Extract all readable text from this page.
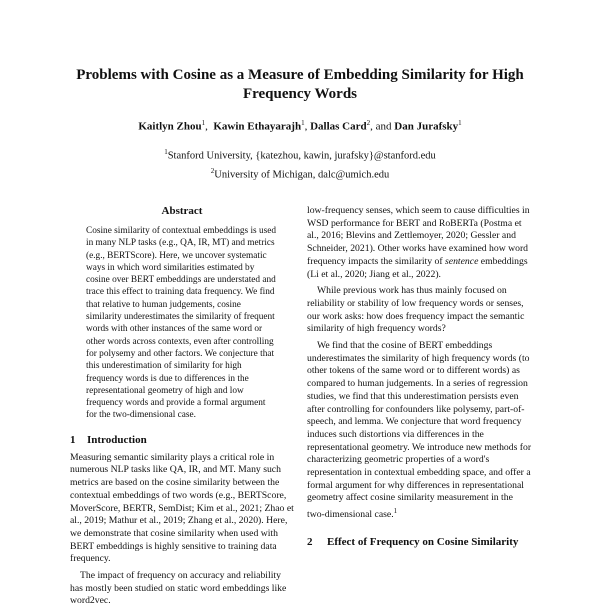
Problems with Cosine as a Measure of Embedding Similarity for High Frequency Words
Kaitlyn Zhou$^1$, Kawin Ethayarajh$^1$, Dallas Card$^2$, and Dan Jurafsky$^1$
$^1$Stanford University, {katezhou, kawin, jurafsky}@stanford.edu
$^2$University of Michigan, dalc@umich.edu
Abstract

Cosine similarity of contextual embeddings is used in many NLP tasks (e.g., QA, IR, MT) and metrics (e.g., BERTScore). Here, we uncover systematic ways in which word similarities estimated by cosine over BERT embeddings are understated and trace this effect to training data frequency. We find that relative to human judgements, cosine similarity underestimates the similarity of frequent words with other instances of the same word or other words across contexts, even after controlling for polysemy and other factors. We conjecture that this underestimation of similarity for high frequency words is due to differences in the representational geometry of high and low frequency words and provide a formal argument for the two-dimensional case.

1 Introduction

Measuring semantic similarity plays a critical role in numerous NLP tasks like QA, IR, and MT. Many such metrics are based on the cosine similarity between the contextual embeddings of two words (e.g., BERTScore, MoverScore, BERTR, SemDist; Kim et al., 2021; Zhao et al., 2019; Mathur et al., 2019; Zhang et al., 2020). Here, we demonstrate that cosine similarity when used with BERT embeddings is highly sensitive to training data frequency.

The impact of frequency on accuracy and reliability has mostly been studied on static word embeddings like word2vec.

low-frequency senses, which seem to cause difficulties in WSD performance for BERT and RoBERTa (Postma et al., 2016; Blevins and Zettlemoyer, 2020; Gessler and Schneider, 2021). Other works have examined how word frequency impacts the similarity of sentence embeddings (Li et al., 2020; Jiang et al., 2022).

While previous work has thus mainly focused on reliability or stability of low frequency words or senses, our work asks: how does frequency impact the semantic similarity of high frequency words?

We find that the cosine of BERT embeddings underestimates the similarity of high frequency words (to other tokens of the same word or to different words) as compared to human judgements. In a series of regression studies, we find that this underestimation persists even after controlling for confounders like polysemy, part-of-speech, and lemma. We conjecture that word frequency induces such distortions via differences in the representational geometry. We introduce new methods for characterizing geometric properties of a word's representation in contextual embedding space, and offer a formal argument for why differences in representational geometry affect cosine similarity measurement in the two-dimensional case.$^1$

2	Effect of Frequency on Cosine Similarity
